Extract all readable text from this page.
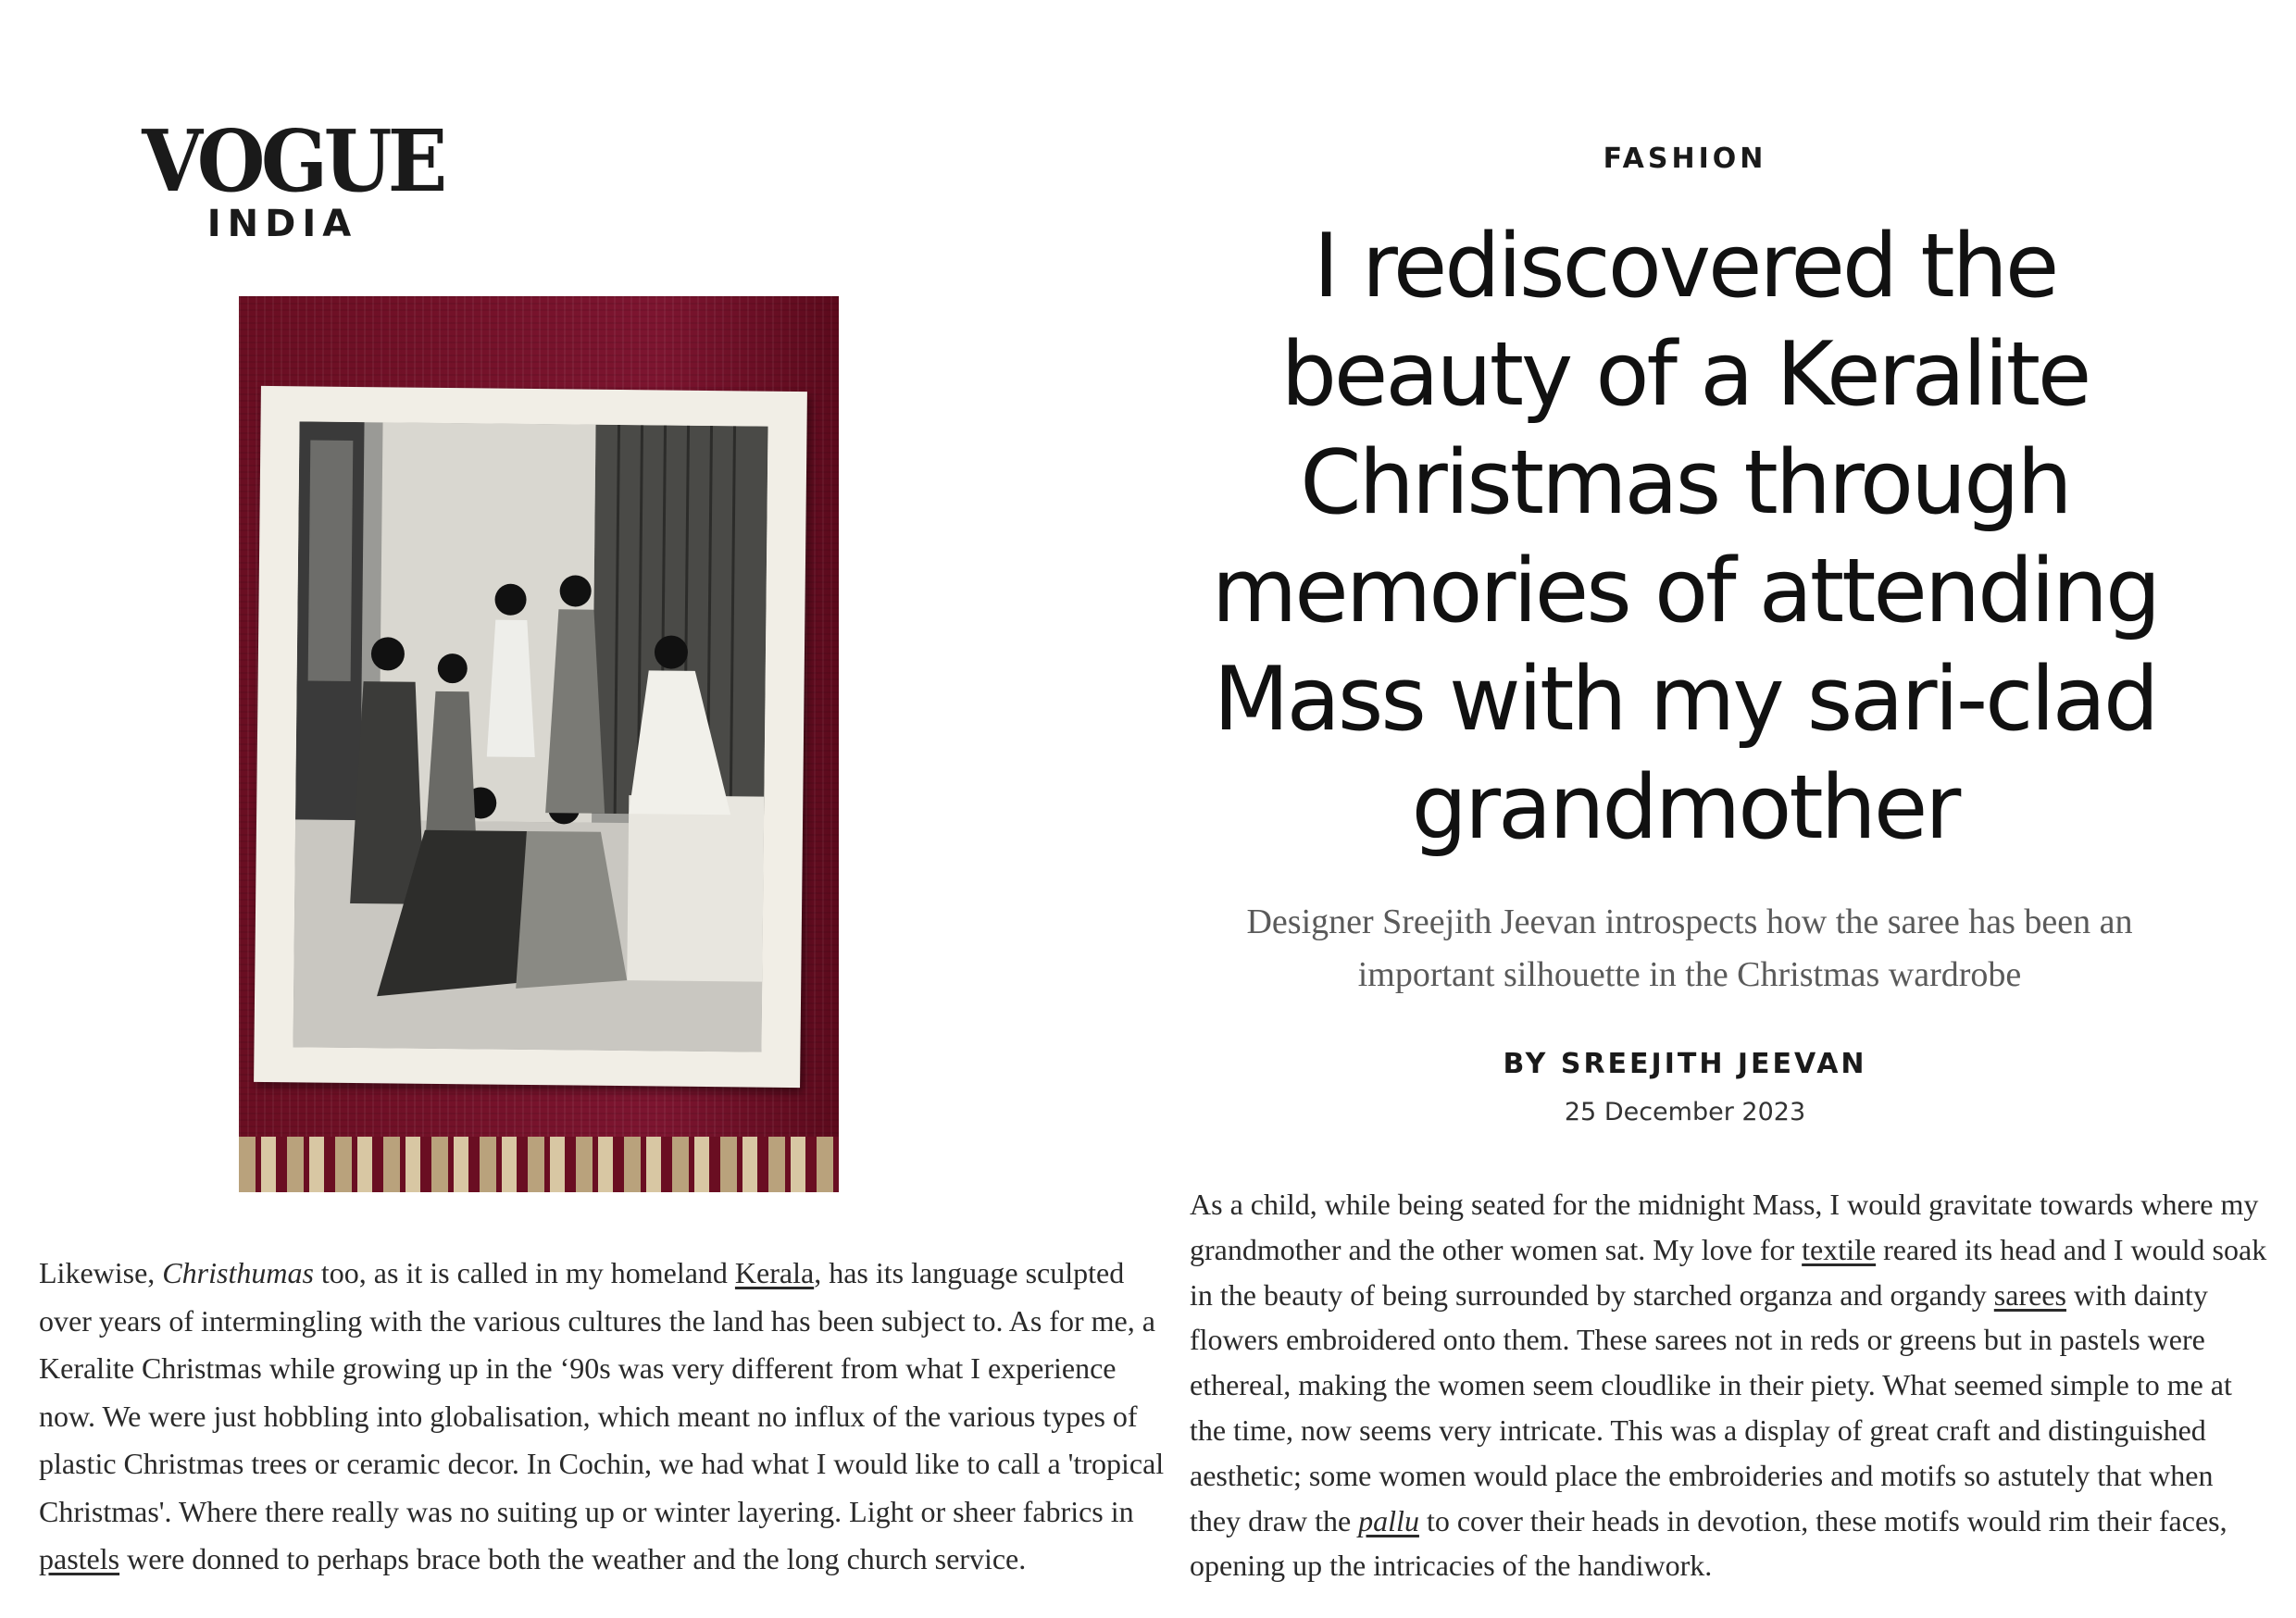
VOGUE
INDIA
FASHION
I rediscovered the beauty of a Keralite Christmas through memories of attending Mass with my sari-clad grandmother
Designer Sreejith Jeevan introspects how the saree has been an important silhouette in the Christmas wardrobe
BY SREEJITH JEEVAN
25 December 2023
Likewise, Christhumas too, as it is called in my homeland Kerala, has its language sculpted over years of intermingling with the various cultures the land has been subject to. As for me, a Keralite Christmas while growing up in the ‘90s was very different from what I experience now. We were just hobbling into globalisation, which meant no influx of the various types of plastic Christmas trees or ceramic decor. In Cochin, we had what I would like to call a 'tropical Christmas'. Where there really was no suiting up or winter layering. Light or sheer fabrics in pastels were donned to perhaps brace both the weather and the long church service.
As a child, while being seated for the midnight Mass, I would gravitate towards where my grandmother and the other women sat. My love for textile reared its head and I would soak in the beauty of being surrounded by starched organza and organdy sarees with dainty flowers embroidered onto them. These sarees not in reds or greens but in pastels were ethereal, making the women seem cloudlike in their piety. What seemed simple to me at the time, now seems very intricate. This was a display of great craft and distinguished aesthetic; some women would place the embroideries and motifs so astutely that when they draw the pallu to cover their heads in devotion, these motifs would rim their faces, opening up the intricacies of the handiwork.
